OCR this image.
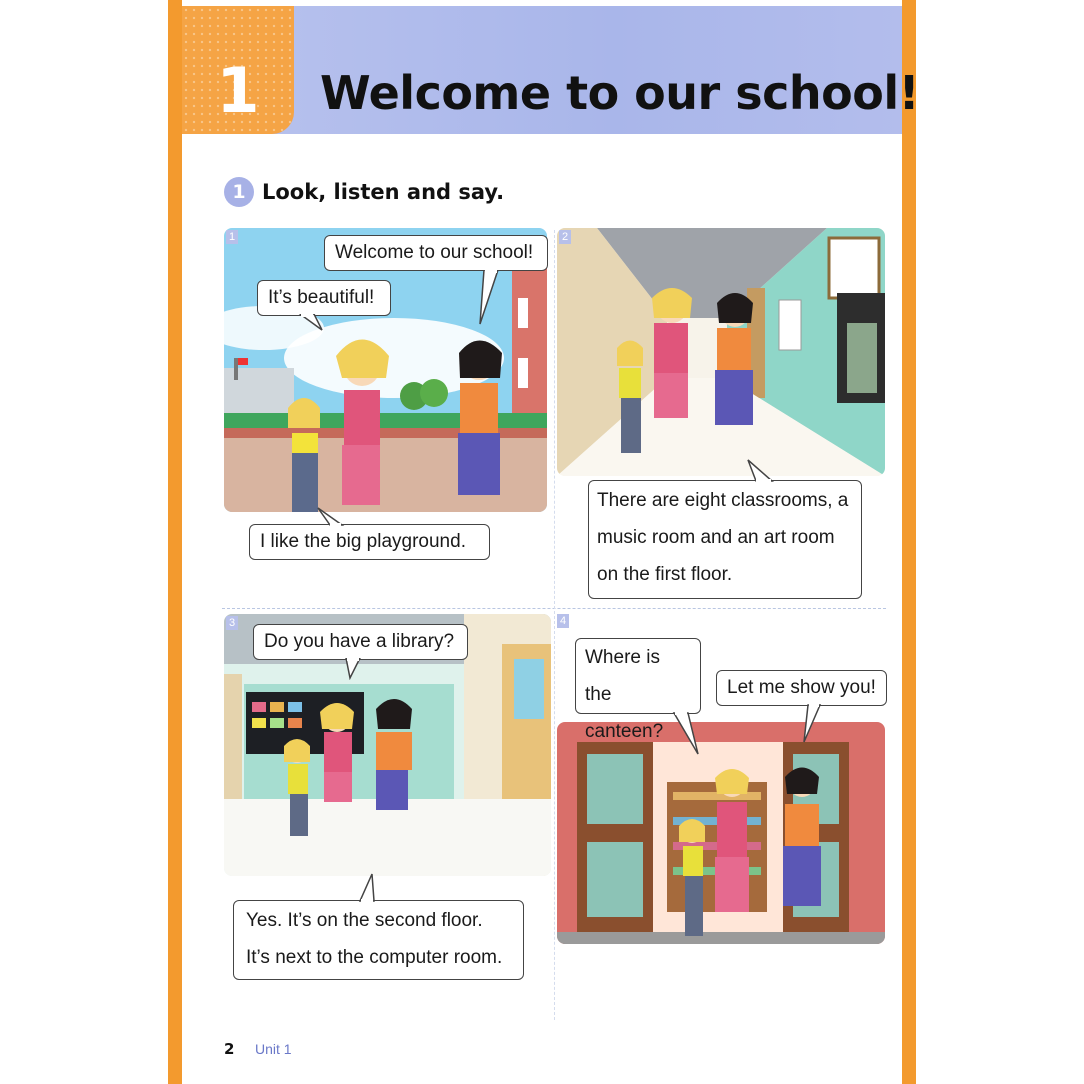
1	Welcome to our school!
1 Look, listen and say.
1	2
3	4
Welcome to our school!
It’s beautiful!
I like the big playground.
There are eight classrooms, a
music room and an art room
on the first floor.
Do you have a library?
Yes. It’s on the second floor.
It’s next to the computer room.
Where is the
canteen?
Let me show you!
2 Unit 1
